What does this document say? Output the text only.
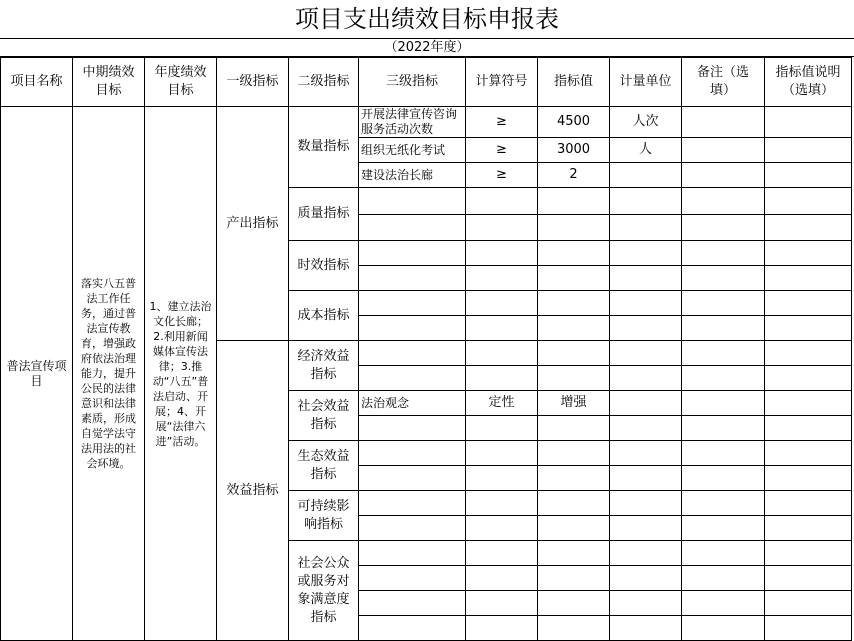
项目支出绩效目标申报表
（2022年度）
项目名称	中期绩效目标	年度绩效目标	一级指标	二级指标	三级指标	计算符号	指标值	计量单位	备注（选填）	指标值说明（选填）
普法宣传项目	落实八五普法工作任务，通过普法宣传教育，增强政府依法治理能力，提升公民的法律意识和法律素质，形成自觉学法守法用法的社会环境。	1、建立法治文化长廊；2.利用新闻媒体宣传法律；3.推动“八五”普法启动、开展；4、开展“法律六进”活动。	产出指标	数量指标	开展法律宣传咨询服务活动次数	≥	4500	人次		
					组织无纸化考试	≥	3000	人		
					建设法治长廊	≥	2			
				质量指标						

				时效指标						

				成本指标						

			效益指标	经济效益指标						

				社会效益指标	法治观念	定性	增强			

				生态效益指标						

				可持续影响指标						

				社会公众或服务对象满意度指标						
